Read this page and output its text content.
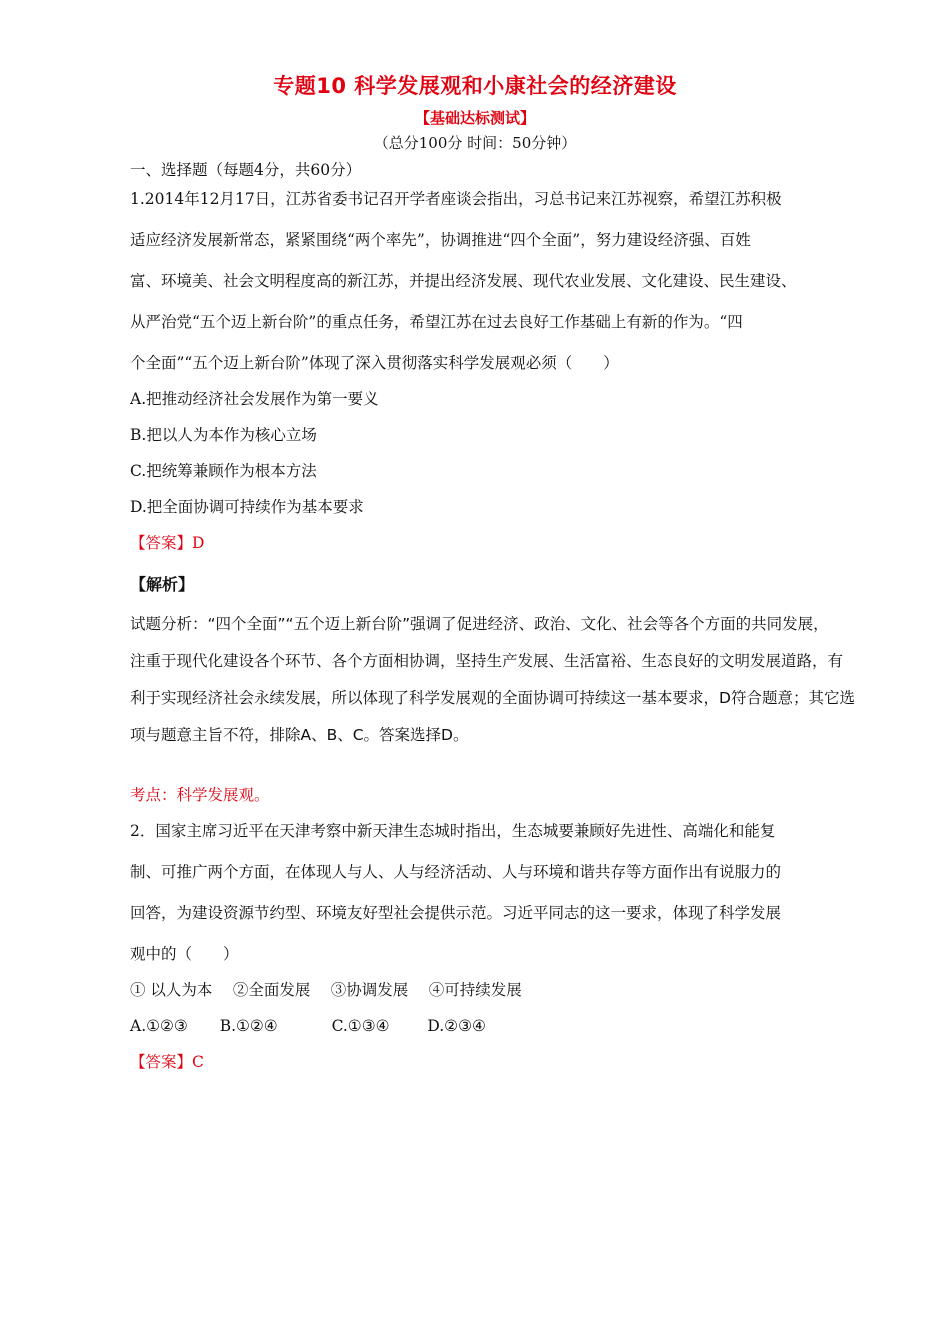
专题10 科学发展观和小康社会的经济建设
【基础达标测试】
（总分100分 时间：50分钟）
一、选择题（每题4分，共60分）
1.2014年12月17日，江苏省委书记召开学者座谈会指出，习总书记来江苏视察，希望江苏积极
适应经济发展新常态，紧紧围绕“两个率先”，协调推进“四个全面”，努力建设经济强、百姓
富、环境美、社会文明程度高的新江苏，并提出经济发展、现代农业发展、文化建设、民生建设、
从严治党“五个迈上新台阶”的重点任务，希望江苏在过去良好工作基础上有新的作为。“四
个全面”“五个迈上新台阶”体现了深入贯彻落实科学发展观必须（　　）
A.把推动经济社会发展作为第一要义
B.把以人为本作为核心立场
C.把统筹兼顾作为根本方法
D.把全面协调可持续作为基本要求
【答案】D
【解析】
试题分析：“四个全面”“五个迈上新台阶”强调了促进经济、政治、文化、社会等各个方面的共同发展，
注重于现代化建设各个环节、各个方面相协调，坚持生产发展、生活富裕、生态良好的文明发展道路，有
利于实现经济社会永续发展，所以体现了科学发展观的全面协调可持续这一基本要求，D符合题意；其它选
项与题意主旨不符，排除A、B、C。答案选择D。
考点：科学发展观。
2．国家主席习近平在天津考察中新天津生态城时指出，生态城要兼顾好先进性、高端化和能复
制、可推广两个方面，在体现人与人、人与经济活动、人与环境和谐共存等方面作出有说服力的
回答，为建设资源节约型、环境友好型社会提供示范。习近平同志的这一要求，体现了科学发展
观中的（　　）
① 以人为本　 ②全面发展　 ③协调发展　 ④可持续发展
A.①②③ B.①②④	C.①③④ D.②③④
【答案】C
